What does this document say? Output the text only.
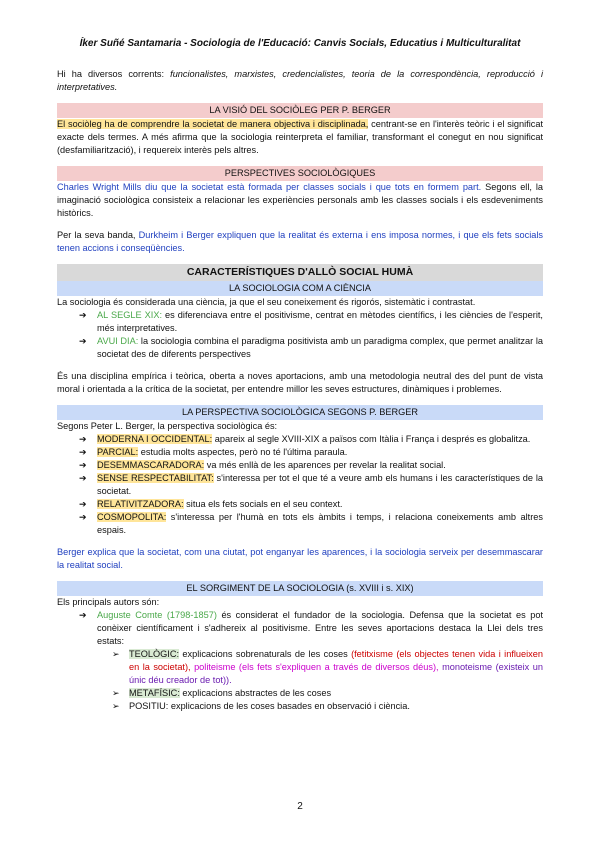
Íker Suñé Santamaria - Sociologia de l'Educació: Canvis Socials, Educatius i Multiculturalitat

Hi ha diversos corrents: funcionalistes, marxistes, credencialistes, teoria de la correspondència, reproducció i interpretatives.

LA VISIÓ DEL SOCIÒLEG PER P. BERGER

El sociòleg ha de comprendre la societat de manera objectiva i disciplinada, centrant-se en l'interès teòric i el significat exacte dels termes. A més afirma que la sociologia reinterpreta el familiar, transformant el conegut en nou significat (desfamiliarització), i requereix interès pels altres.

PERSPECTIVES SOCIOLÒGIQUES

Charles Wright Mills diu que la societat està formada per classes socials i que tots en formem part. Segons ell, la imaginació sociològica consisteix a relacionar les experiències personals amb les classes socials i els esdeveniments històrics.

Per la seva banda, Durkheim i Berger expliquen que la realitat és externa i ens imposa normes, i que els fets socials tenen accions i conseqüències.

CARACTERÍSTIQUES D'ALLÒ SOCIAL HUMÀ
LA SOCIOLOGIA COM A CIÈNCIA

La sociologia és considerada una ciència, ja que el seu coneixement és rigorós, sistemàtic i contrastat.

➔ AL SEGLE XIX: es diferenciava entre el positivisme, centrat en mètodes científics, i les ciències de l'esperit, més interpretatives.
➔ AVUI DIA: la sociologia combina el paradigma positivista amb un paradigma complex, que permet analitzar la societat des de diferents perspectives

És una disciplina empírica i teòrica, oberta a noves aportacions, amb una metodologia neutral des del punt de vista moral i orientada a la crítica de la societat, per entendre millor les seves estructures, dinàmiques i problemes.

LA PERSPECTIVA SOCIOLÒGICA SEGONS P. BERGER

Segons Peter L. Berger, la perspectiva sociològica és:

➔ MODERNA I OCCIDENTAL: apareix al segle XVIII-XIX a països com Itàlia i França i després es globalitza.
➔ PARCIAL: estudia molts aspectes, però no té l'última paraula.
➔ DESEMMASCARADORA: va més enllà de les aparences per revelar la realitat social.
➔ SENSE RESPECTABILITAT: s'interessa per tot el que té a veure amb els humans i les característiques de la societat.
➔ RELATIVITZADORA: situa els fets socials en el seu context.
➔ COSMOPOLITA: s'interessa per l'humà en tots els àmbits i temps, i relaciona coneixements amb altres espais.

Berger explica que la societat, com una ciutat, pot enganyar les aparences, i la sociologia serveix per desemmascarar la realitat social.

EL SORGIMENT DE LA SOCIOLOGIA (s. XVIII i s. XIX)

Els principals autors són:

➔ Auguste Comte (1798-1857) és considerat el fundador de la sociologia. Defensa que la societat es pot conèixer científicament i s'adhereix al positivisme. Entre les seves aportacions destaca la Llei dels tres estats:
➢ TEOLÒGIC: explicacions sobrenaturals de les coses (fetitxisme (els objectes tenen vida i influeixen en la societat), politeisme (els fets s'expliquen a través de diversos déus), monoteisme (existeix un únic déu creador de tot)).
➢ METAFÍSIC: explicacions abstractes de les coses
➢ POSITIU: explicacions de les coses basades en observació i ciència.
2
